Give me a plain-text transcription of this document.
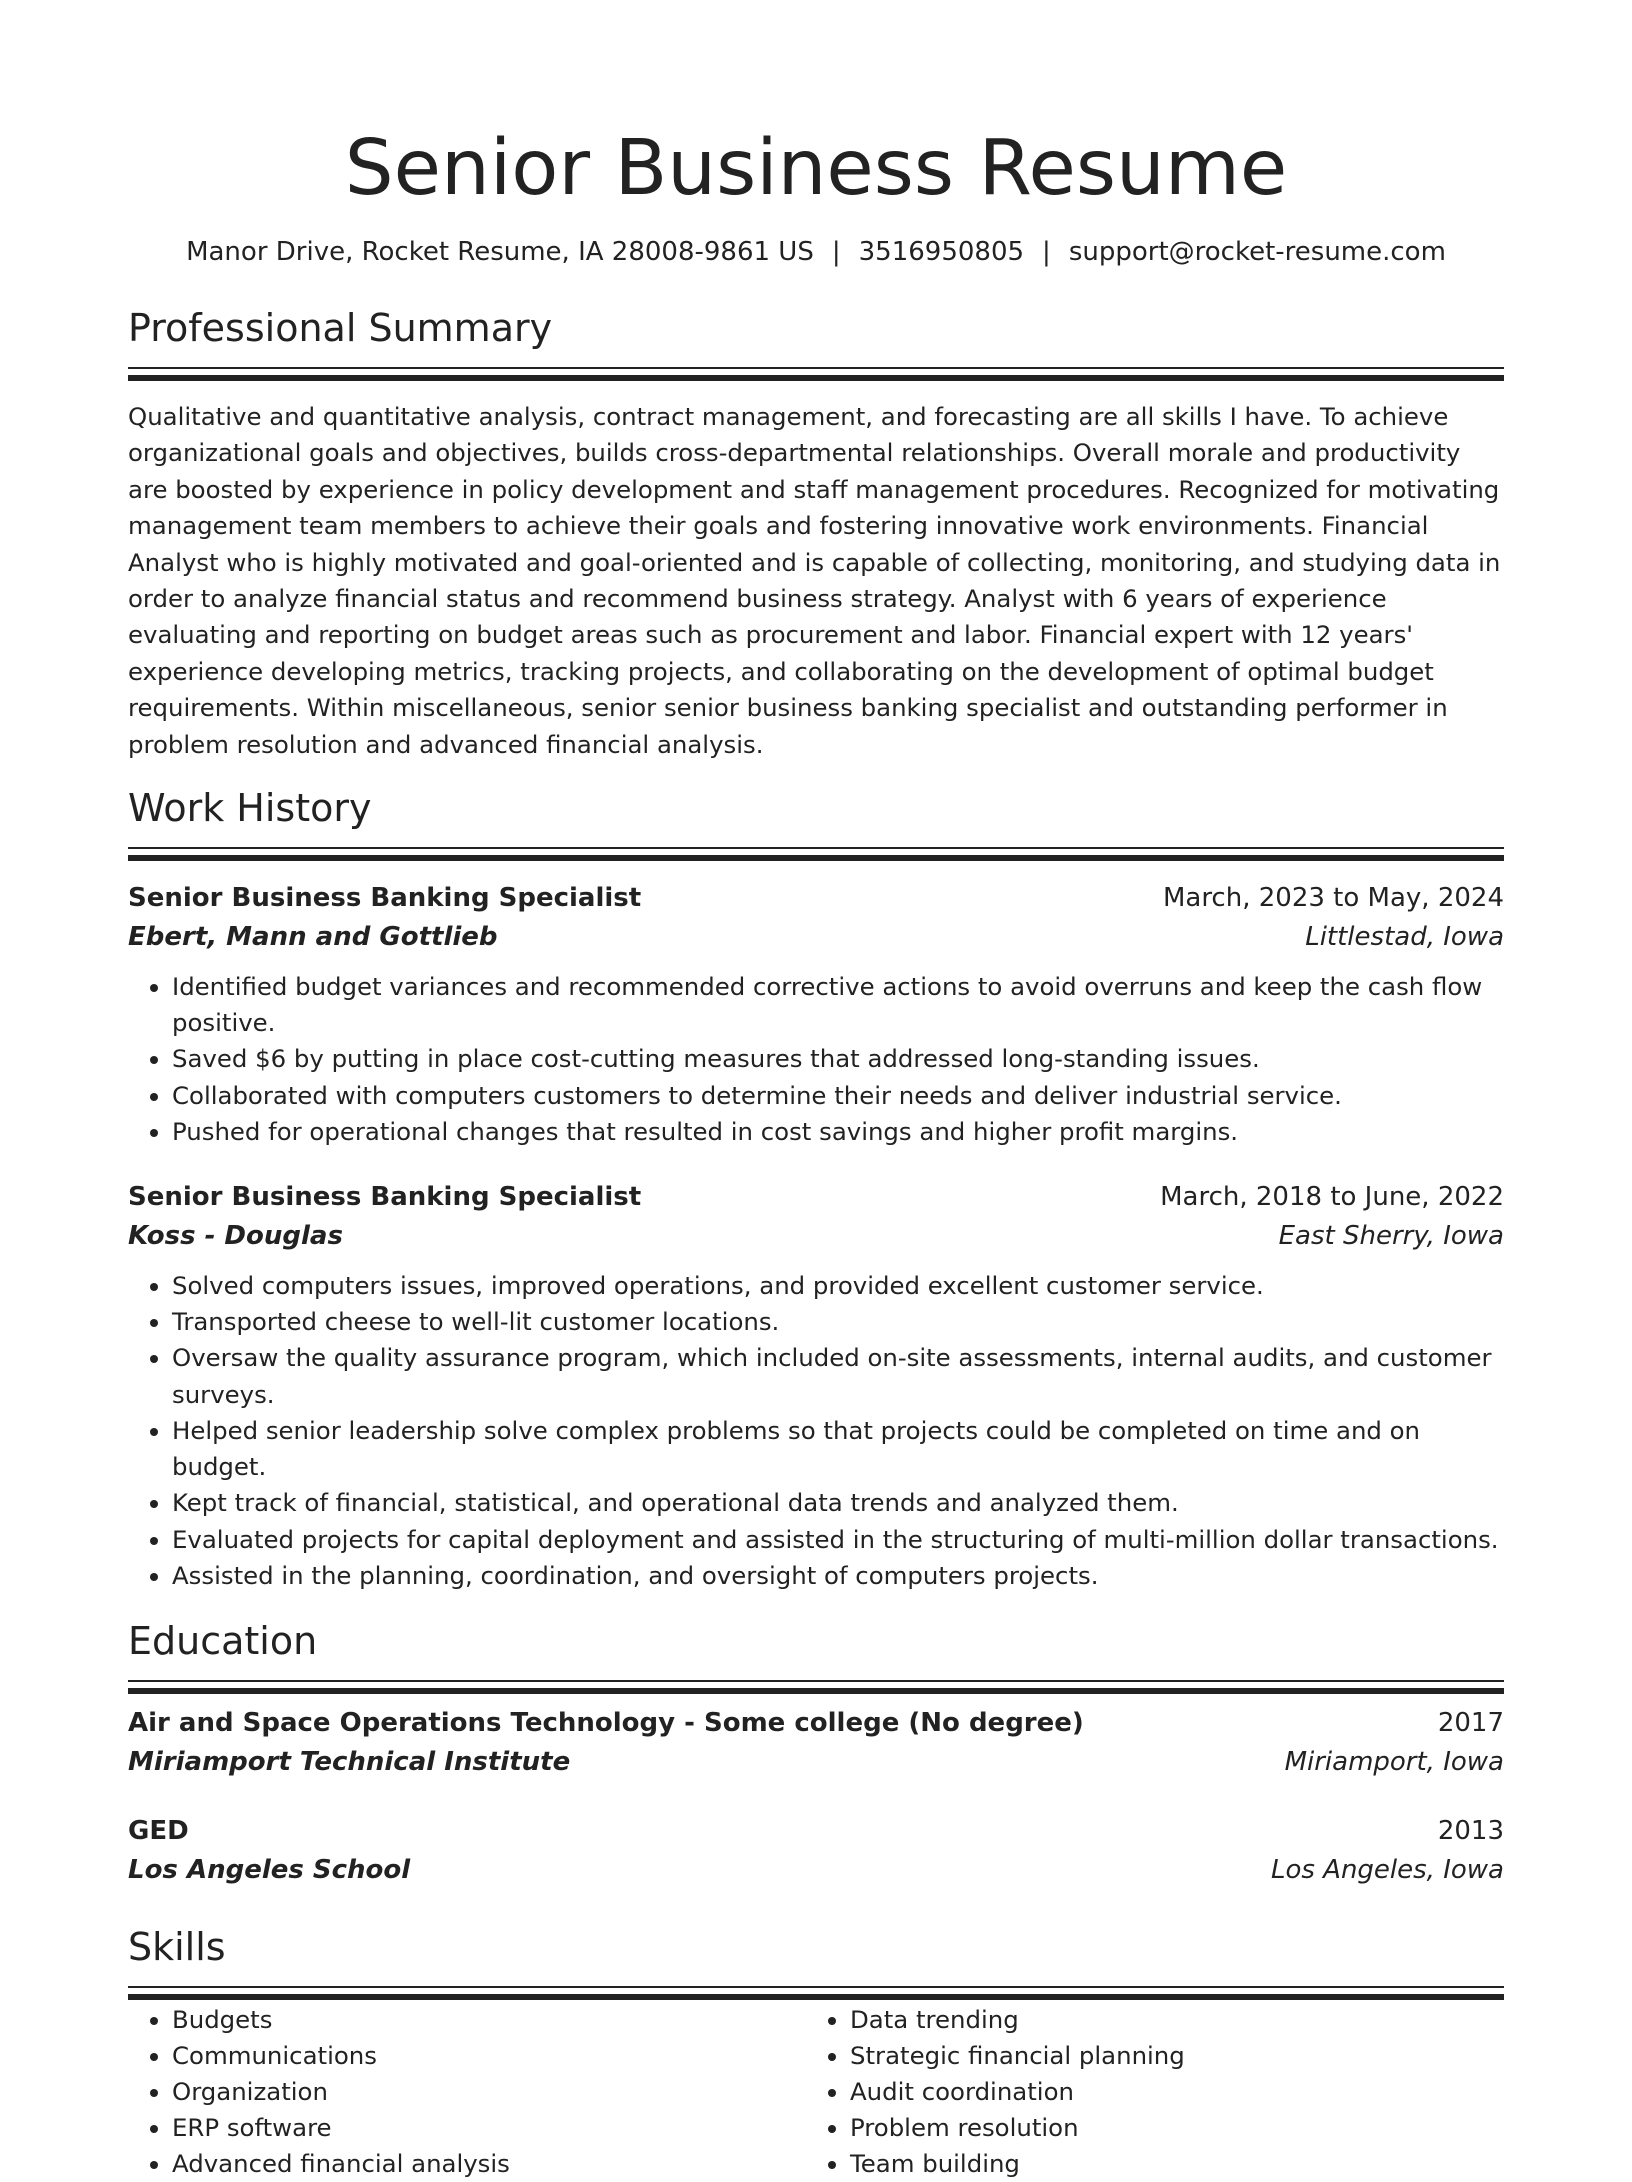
Senior Business Resume
Manor Drive, Rocket Resume, IA 28008-9861 US | 3516950805 | support@rocket-resume.com
Professional Summary

Qualitative and quantitative analysis, contract management, and forecasting are all skills I have. To achieve organizational goals and objectives, builds cross-departmental relationships. Overall morale and productivity are boosted by experience in policy development and staff management procedures. Recognized for motivating management team members to achieve their goals and fostering innovative work environments. Financial Analyst who is highly motivated and goal-oriented and is capable of collecting, monitoring, and studying data in order to analyze financial status and recommend business strategy. Analyst with 6 years of experience evaluating and reporting on budget areas such as procurement and labor. Financial expert with 12 years' experience developing metrics, tracking projects, and collaborating on the development of optimal budget requirements. Within miscellaneous, senior senior business banking specialist and outstanding performer in problem resolution and advanced financial analysis.

Work History
Senior Business Banking Specialist	March, 2023 to May, 2024
Ebert, Mann and Gottlieb	Littlestad, Iowa
• Identified budget variances and recommended corrective actions to avoid overruns and keep the cash flow positive.
• Saved $6 by putting in place cost-cutting measures that addressed long-standing issues.
• Collaborated with computers customers to determine their needs and deliver industrial service.
• Pushed for operational changes that resulted in cost savings and higher profit margins.
Senior Business Banking Specialist	March, 2018 to June, 2022
Koss - Douglas	East Sherry, Iowa
• Solved computers issues, improved operations, and provided excellent customer service.
• Transported cheese to well-lit customer locations.
• Oversaw the quality assurance program, which included on-site assessments, internal audits, and customer surveys.
• Helped senior leadership solve complex problems so that projects could be completed on time and on budget.
• Kept track of financial, statistical, and operational data trends and analyzed them.
• Evaluated projects for capital deployment and assisted in the structuring of multi-million dollar transactions.
• Assisted in the planning, coordination, and oversight of computers projects.
Education
Air and Space Operations Technology - Some college (No degree)	2017
Miriamport Technical Institute	Miriamport, Iowa
GED	2013
Los Angeles School	Los Angeles, Iowa
Skills
• Budgets
• Communications
• Organization
• ERP software
• Advanced financial analysis
• Data trending
• Strategic financial planning
• Audit coordination
• Problem resolution
• Team building
